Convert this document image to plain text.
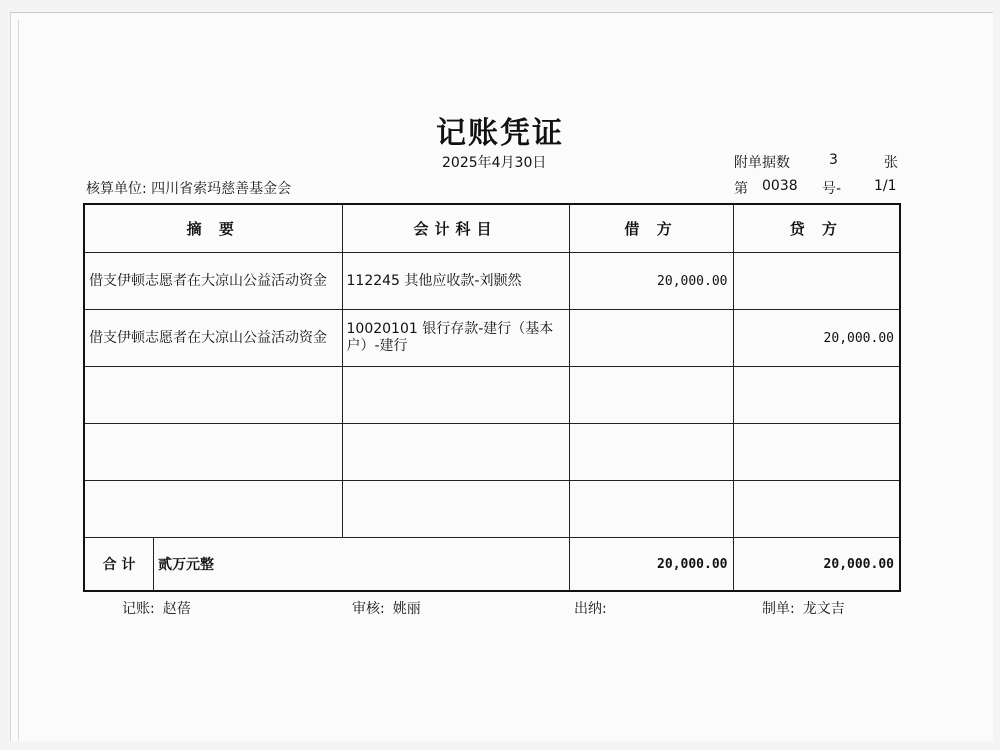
记账凭证
2025年4月30日	附单据数	3	张
核算单位: 四川省索玛慈善基金会	第 0038 号- 1/1
摘 要	会计科目	借 方	贷 方
借支伊顿志愿者在大凉山公益活动资金	112245 其他应收款-刘颢然	20,000.00	
借支伊顿志愿者在大凉山公益活动资金	10020101 银行存款-建行（基本户）-建行		20,000.00

合 计 贰万元整		20,000.00	20,000.00
记账: 赵蓓	审核: 姚丽	出纳:	制单: 龙文吉
